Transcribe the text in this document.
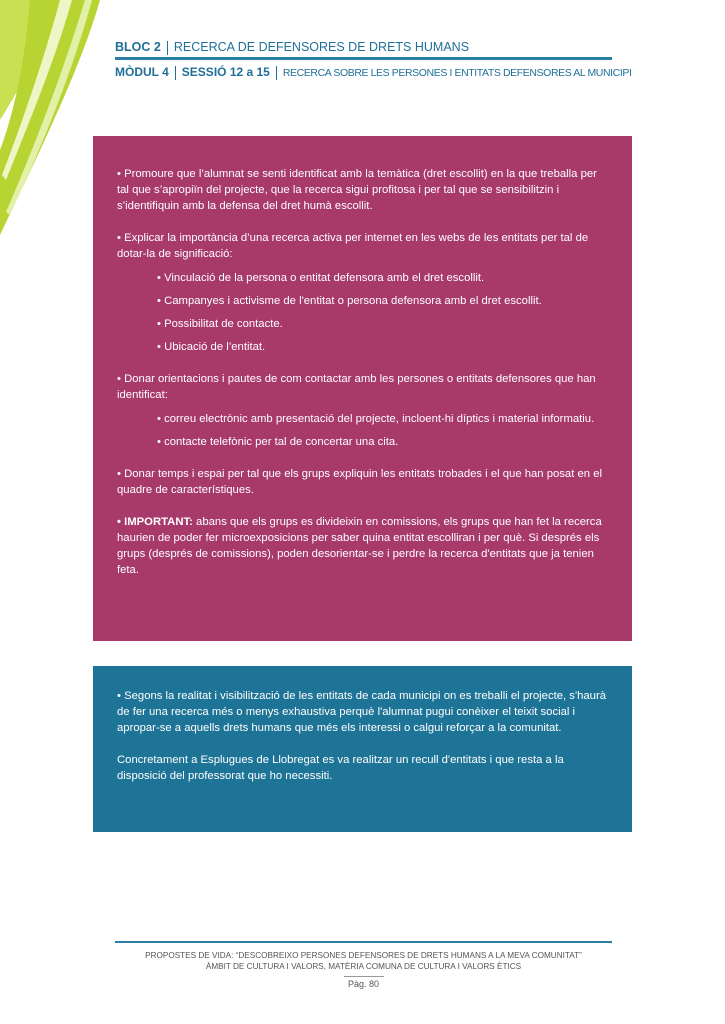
BLOC 2 RECERCA DE DEFENSORES DE DRETS HUMANS
MÒDUL 4 SESSIÓ 12 a 15 RECERCA SOBRE LES PERSONES I ENTITATS DEFENSORES AL MUNICIPI

• Promoure que l’alumnat se senti identificat amb la temàtica (dret escollit) en la que treballa per tal que s’apropiïn del projecte, que la recerca sigui profitosa i per tal que se sensibilitzin i s’identifiquin amb la defensa del dret humà escollit.

• Explicar la importància d’una recerca activa per internet en les webs de les entitats per tal de dotar-la de significació:

• Vinculació de la persona o entitat defensora amb el dret escollit.

• Campanyes i activisme de l'entitat o persona defensora amb el dret escollit.

• Possibilitat de contacte.

• Ubicació de l’entitat.

• Donar orientacions i pautes de com contactar amb les persones o entitats defensores que han identificat:

• correu electrònic amb presentació del projecte, incloent-hi díptics i material informatiu.

• contacte telefònic per tal de concertar una cita.

• Donar temps i espai per tal que els grups expliquin les entitats trobades i el que han posat en el quadre de característiques.

• IMPORTANT: abans que els grups es divideixin en comissions, els grups que han fet la recerca haurien de poder fer microexposicions per saber quina entitat escolliran i per què. Si després els grups (després de comissions), poden desorientar-se i perdre la recerca d'entitats que ja tenien feta.

• Segons la realitat i visibilització de les entitats de cada municipi on es treballi el projecte, s'haurà de fer una recerca més o menys exhaustiva perquè l'alumnat pugui conèixer el teixit social i apropar-se a aquells drets humans que més els interessi o calgui reforçar a la comunitat.

Concretament a Esplugues de Llobregat es va realitzar un recull d'entitats i que resta a la disposició del professorat que ho necessiti.

PROPOSTES DE VIDA: “DESCOBREIXO PERSONES DEFENSORES DE DRETS HUMANS A LA MEVA COMUNITAT”
ÀMBIT DE CULTURA I VALORS, MATÈRIA COMUNA DE CULTURA I VALORS ÈTICS
Pàg. 80
